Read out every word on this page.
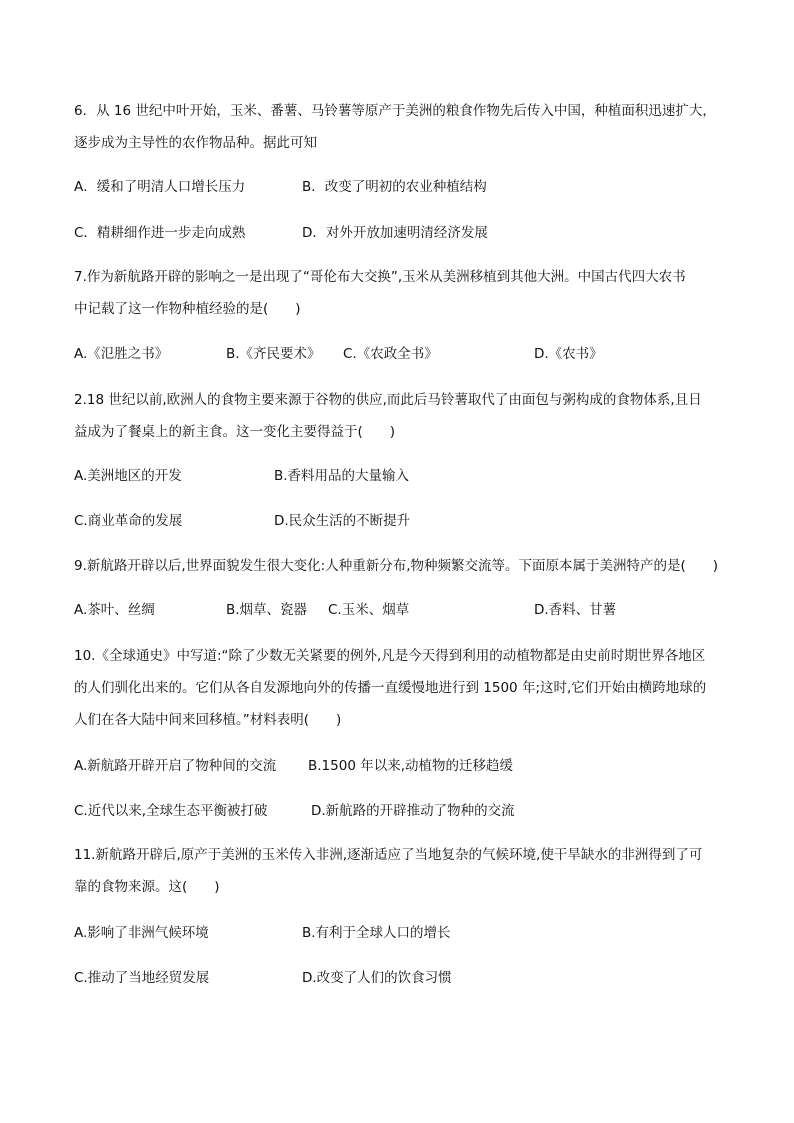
6．从 16 世纪中叶开始，玉米、番薯、马铃薯等原产于美洲的粮食作物先后传入中国，种植面积迅速扩大，
逐步成为主导性的农作物品种。据此可知
A．缓和了明清人口增长压力	B．改变了明初的农业种植结构
C．精耕细作进一步走向成熟	D．对外开放加速明清经济发展
7.作为新航路开辟的影响之一是出现了“哥伦布大交换”,玉米从美洲移植到其他大洲。中国古代四大农书
中记载了这一作物种植经验的是(　　)
A.《氾胜之书》	B.《齐民要术》 C.《农政全书》	D.《农书》
2.18 世纪以前,欧洲人的食物主要来源于谷物的供应,而此后马铃薯取代了由面包与粥构成的食物体系,且日
益成为了餐桌上的新主食。这一变化主要得益于(　　)
A.美洲地区的开发	B.香料用品的大量输入
C.商业革命的发展	D.民众生活的不断提升
9.新航路开辟以后,世界面貌发生很大变化:人种重新分布,物种频繁交流等。下面原本属于美洲特产的是(　　)
A.茶叶、丝绸	B.烟草、瓷器 C.玉米、烟草	D.香料、甘薯
10.《全球通史》中写道:“除了少数无关紧要的例外,凡是今天得到利用的动植物都是由史前时期世界各地区
的人们驯化出来的。它们从各自发源地向外的传播一直缓慢地进行到 1500 年;这时,它们开始由横跨地球的
人们在各大陆中间来回移植。”材料表明(　　)
A.新航路开辟开启了物种间的交流 B.1500 年以来,动植物的迁移趋缓
C.近代以来,全球生态平衡被打破	D.新航路的开辟推动了物种的交流
11.新航路开辟后,原产于美洲的玉米传入非洲,逐渐适应了当地复杂的气候环境,使干旱缺水的非洲得到了可
靠的食物来源。这(　　)
A.影响了非洲气候环境	B.有利于全球人口的增长
C.推动了当地经贸发展	D.改变了人们的饮食习惯
